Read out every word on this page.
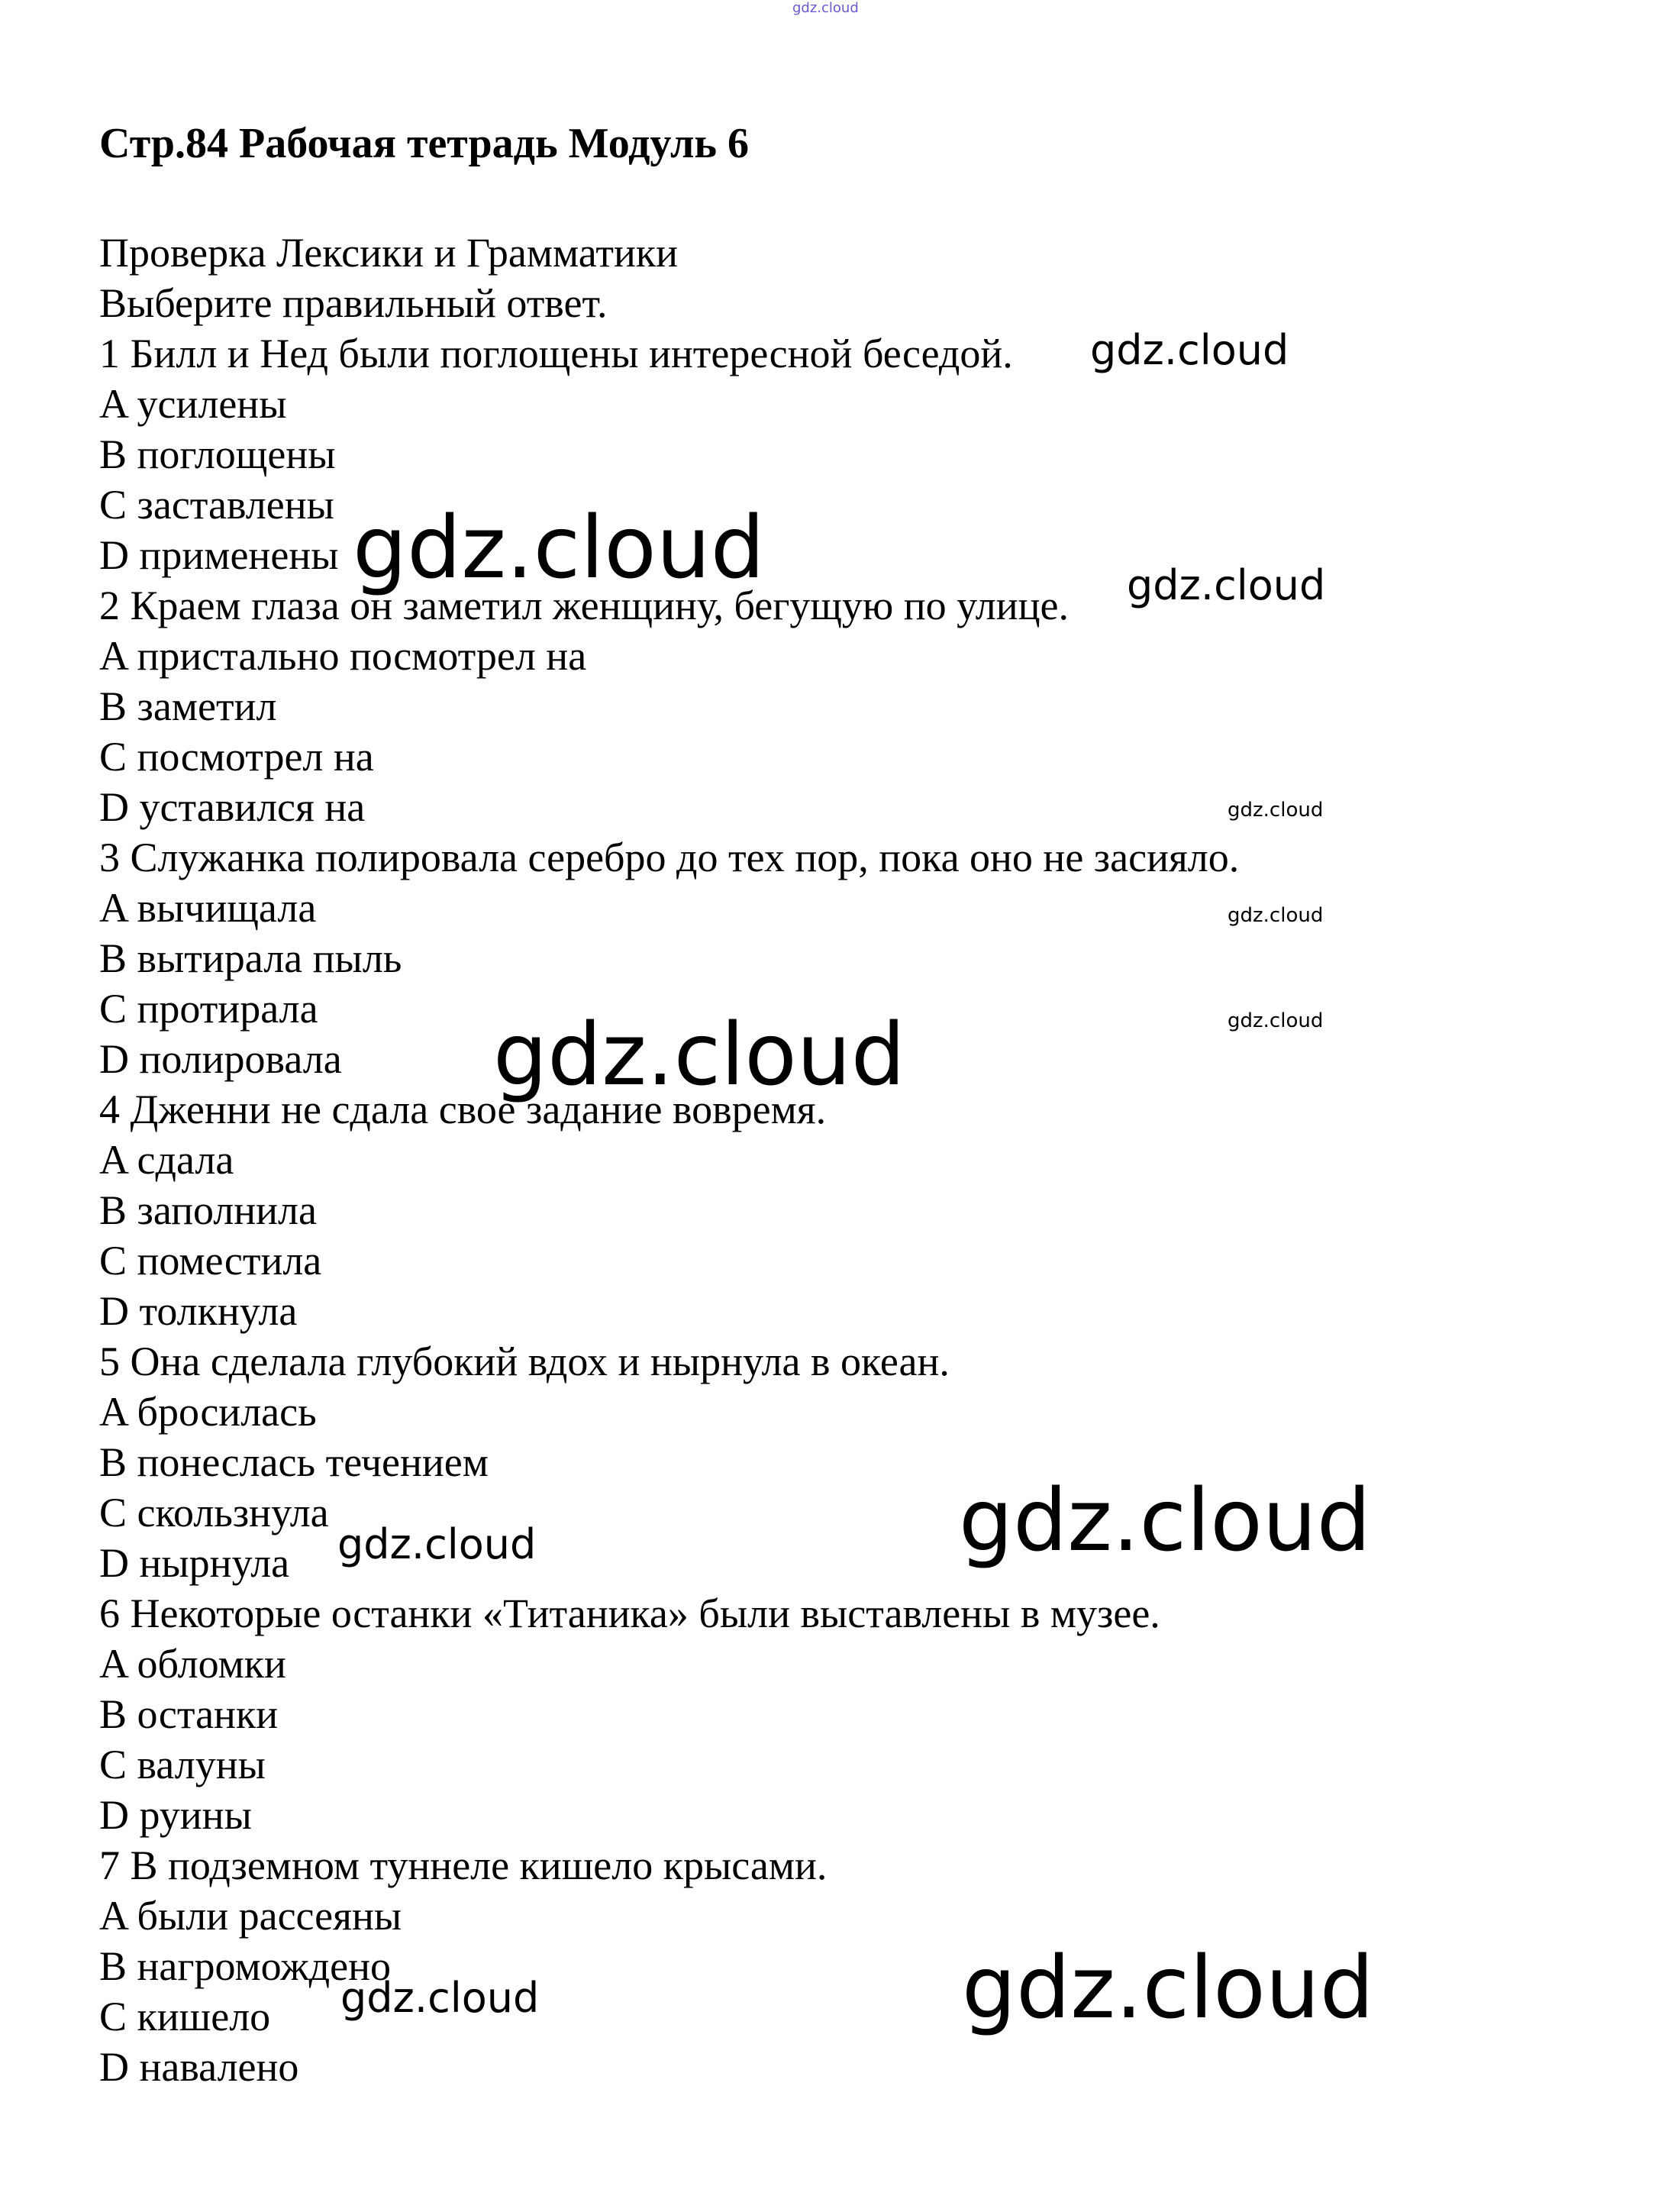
gdz.cloud
Стр.84 Рабочая тетрадь Модуль 6
Проверка Лексики и Грамматики
Выберите правильный ответ.
1 Билл и Нед были поглощены интересной беседой.
A усилены
B поглощены
C заставлены
D применены
2 Краем глаза он заметил женщину, бегущую по улице.
A пристально посмотрел на
B заметил
C посмотрел на
D уставился на
3 Служанка полировала серебро до тех пор, пока оно не засияло.
A вычищала
B вытирала пыль
C протирала
D полировала
4 Дженни не сдала свое задание вовремя.
A сдала
B заполнила
C поместила
D толкнула
5 Она сделала глубокий вдох и нырнула в океан.
A бросилась
B понеслась течением
C скользнула
D нырнула
6 Некоторые останки «Титаника» были выставлены в музее.
A обломки
B останки
C валуны
D руины
7 В подземном туннеле кишело крысами.
A были рассеяны
B нагромождено
C кишело
D навалено
gdz.cloud
gdz.cloud	gdz.cloud
gdz.cloud
gdz.cloud
gdz.cloud
gdz.cloud
gdz.cloud
gdz.cloud
gdz.cloud
gdz.cloud
